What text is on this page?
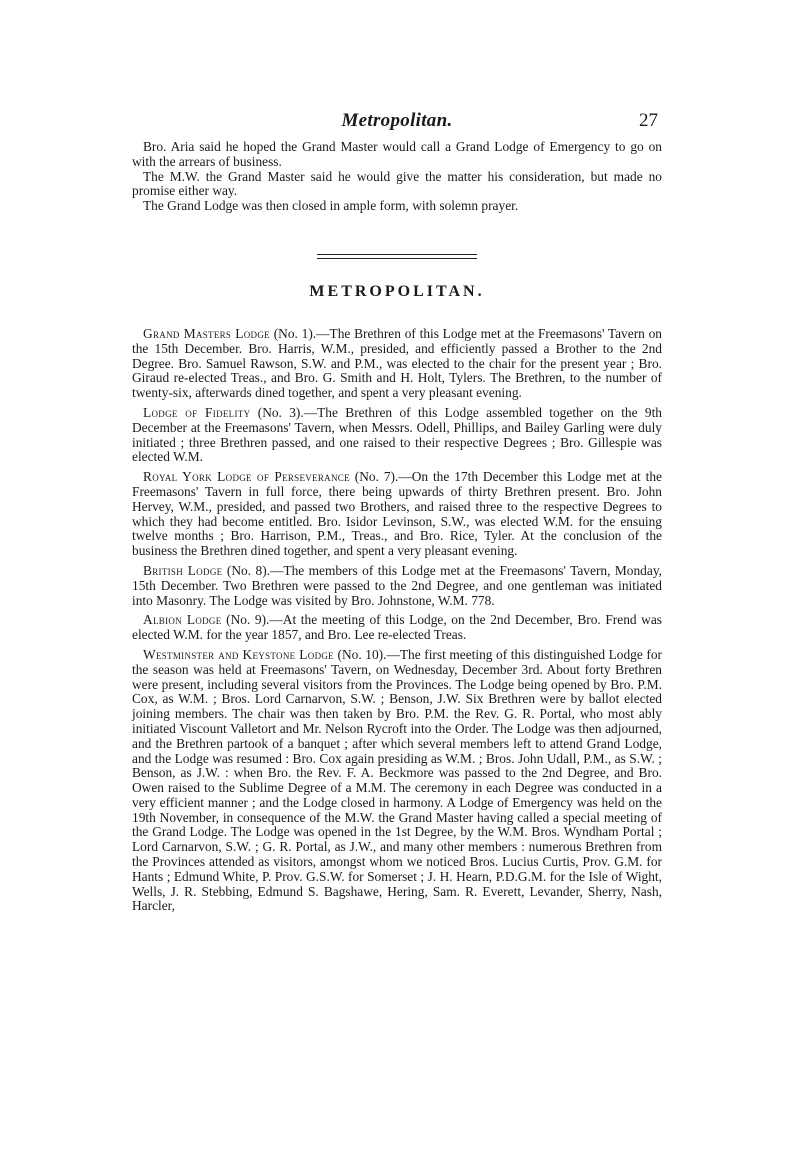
Metropolitan.	27

Bro. Aria said he hoped the Grand Master would call a Grand Lodge of Emergency to go on with the arrears of business.

The M.W. the Grand Master said he would give the matter his consideration, but made no promise either way.

The Grand Lodge was then closed in ample form, with solemn prayer.

METROPOLITAN.

Grand Masters Lodge (No. 1).—The Brethren of this Lodge met at the Freemasons' Tavern on the 15th December. Bro. Harris, W.M., presided, and efficiently passed a Brother to the 2nd Degree. Bro. Samuel Rawson, S.W. and P.M., was elected to the chair for the present year ; Bro. Giraud re-elected Treas., and Bro. G. Smith and H. Holt, Tylers. The Brethren, to the number of twenty-six, afterwards dined together, and spent a very pleasant evening.

Lodge of Fidelity (No. 3).—The Brethren of this Lodge assembled together on the 9th December at the Freemasons' Tavern, when Messrs. Odell, Phillips, and Bailey Garling were duly initiated ; three Brethren passed, and one raised to their respective Degrees ; Bro. Gillespie was elected W.M.

Royal York Lodge of Perseverance (No. 7).—On the 17th December this Lodge met at the Freemasons' Tavern in full force, there being upwards of thirty Brethren present. Bro. John Hervey, W.M., presided, and passed two Brothers, and raised three to the respective Degrees to which they had become entitled. Bro. Isidor Levinson, S.W., was elected W.M. for the ensuing twelve months ; Bro. Harrison, P.M., Treas., and Bro. Rice, Tyler. At the conclusion of the business the Brethren dined together, and spent a very pleasant evening.

British Lodge (No. 8).—The members of this Lodge met at the Freemasons' Tavern, Monday, 15th December. Two Brethren were passed to the 2nd Degree, and one gentleman was initiated into Masonry. The Lodge was visited by Bro. Johnstone, W.M. 778.

Albion Lodge (No. 9).—At the meeting of this Lodge, on the 2nd December, Bro. Frend was elected W.M. for the year 1857, and Bro. Lee re-elected Treas.

Westminster and Keystone Lodge (No. 10).—The first meeting of this distinguished Lodge for the season was held at Freemasons' Tavern, on Wednesday, December 3rd. About forty Brethren were present, including several visitors from the Provinces. The Lodge being opened by Bro. P.M. Cox, as W.M. ; Bros. Lord Carnarvon, S.W. ; Benson, J.W. Six Brethren were by ballot elected joining members. The chair was then taken by Bro. P.M. the Rev. G. R. Portal, who most ably initiated Viscount Valletort and Mr. Nelson Rycroft into the Order. The Lodge was then adjourned, and the Brethren partook of a banquet ; after which several members left to attend Grand Lodge, and the Lodge was resumed : Bro. Cox again presiding as W.M. ; Bros. John Udall, P.M., as S.W. ; Benson, as J.W. : when Bro. the Rev. F. A. Beckmore was passed to the 2nd Degree, and Bro. Owen raised to the Sublime Degree of a M.M. The ceremony in each Degree was conducted in a very efficient manner ; and the Lodge closed in harmony. A Lodge of Emergency was held on the 19th November, in consequence of the M.W. the Grand Master having called a special meeting of the Grand Lodge. The Lodge was opened in the 1st Degree, by the W.M. Bros. Wyndham Portal ; Lord Carnarvon, S.W. ; G. R. Portal, as J.W., and many other members : numerous Brethren from the Provinces attended as visitors, amongst whom we noticed Bros. Lucius Curtis, Prov. G.M. for Hants ; Edmund White, P. Prov. G.S.W. for Somerset ; J. H. Hearn, P.D.G.M. for the Isle of Wight, Wells, J. R. Stebbing, Edmund S. Bagshawe, Hering, Sam. R. Everett, Levander, Sherry, Nash, Harcler,
